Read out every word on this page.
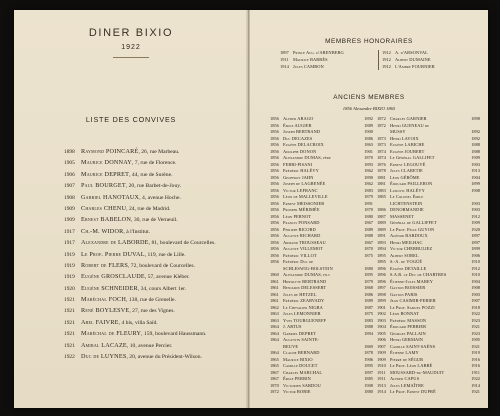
DINER BIXIO
1922
LISTE DES CONVIVES
1898 Raymond POINCARÉ, 26, rue Marbeau.
1905 Maurice DONNAY, 7, rue de Florence.
1906 Maurice DEPRET, 44, rue de Surène.
1907 Paul BOURGET, 20, rue Barbet-de-Jouy.
1908 Gabriel HANOTAUX, 4, avenue Hoche.
1909 Charles CHENU, 24, rue de Madrid.
1909 Ernest BABELON, 30, rue de Verneuil.
1917 Ch.-M. WIDOR, à l'Institut.
1917 Alexandre de LABORDE, 81, boulevard de Courcelles.
1919 Le Prof. Pierre DUVAL, 119, rue de Lille.
1919 Robert de FLERS, 72, boulevard de Courcelles.
1919 Eugène GROSCLAUDE, 57, avenue Kléber.
1920 Eugène SCHNEIDER, 34, cours Albert 1er.
1921 Maréchal FOCH, 138, rue de Grenelle.
1921 René BOYLESVE, 27, rue des Vignes.
1921 Abel FAIVRE, 4 bis, villa Saïd.
1921 Maréchal de FLEURY, 159, boulevard Haussmann.
1921 Amiral LACAZE, 10, avenue Percier.
1922 Duc de LUYNES, 20, avenue du Président-Wilson.
MEMBRES HONORAIRES
1897 Prince Aug. d'ARENBERG
1911 Maurice BARRÈS
1914 Jules CAMBON
1912 A. d'ARSONVAL
1912 Albert DUMAINE
1912 L'Ambre FOURNIER
ANCIENS MEMBRES
1856 Alexandre BIXIO 1865
1892
1856 Alfred ARAGO
1889
1856 Émile AUGIER
1900
1856 Joseph BERTRAND
1886
1856 Duc DECAZES
1863
1856 Eugène DELACROIX
1901
1856 Adolphe DONON
1870
1856 Alexandre DUMAS, père
1893
1856 FERRI-PISANI
1862
1856 Frédéric HALÉVY
1890
1856 Geoffroy JAHN
1862
1856 Joseph de LAGRENÉE
1883
1856 Victor LEFRANC
1879
1856 Léon de MALLEVILLE
1891
1856 Ernest MEISSONIER
1870
1856 Prosper MÉRIMÉE
1880
1856 Léon PERNOT
1867
1856 Francis PONSARD
1889
1856 Philippe RICORD
1888
1856 Auguste RICHARD
1867
1856 Armand TROUSSEAU
1870
1856 Auguste VILLEMOT
1875
1856 Frédéric VILLOT
1856 Frédéric Duc de
1880
SCHLESWIG-HOLSTEIN
1895
1860 Alexandre DUMAS, fils
1879
1861 Hippolyte BERTRAND
1868
1861 Benjamin DELESSERT
1886
1861 Jules de HETZEL
1889
1861 Frédéric ZEARVADY
1887
1862 Le Chevalier NIGRA
1875
1863 Jules LEMONNIER
1883
1863 Yves TOURGUENEFF
1888
1864 J. ARTUS
1894
1864 Gabriel DEPRET
1864 Augustin SAINTE-
1869
BEUVE
1878
1864 Claude BERNARD
1906
1865 Maurice BIXIO
1895
1865 Camille DOUCET
1897
1867 Charles MARCHAL
1885
1867 Émile PERRIN
1908
1870 Victorien SARDOU
1880
1872 Victor BORIE
1898
1872 Charles GARNIER
1872 Henri GUENEAU de
1892
MUSSY
1892
1873 Henri LAVOIX
1888
1873 Eugène LABICHE
1888
1874 Eugène JOUBERT
1909
1874 Le Général GALLIFET
1903
1876 Ernest LEGOUVÉ
1913
1878 Jules CLARETIE
1904
1881 Léon GÉRÔME
1899
1881 Édouard PAILLERON
1908
1883 Ludovic HALÉVY
1885 Le Colonel Émile
1903
LICHTENSTEIN
1903
1886 DENORMANDIE
1912
1887 MASSENET
1909
1889 Général de GALLIFFET
1920
1889 Le Prof. Félix GUYON
1897
1891 Agénor BARDOUX
1897
1893 Henri MEILHAC
1899
1894 Victor CHERBULIEZ
1906
1895 Albert SOREL
1910
1895 S.-A. de VOGÜÉ
1912
1896 Eugène DETAILLE
1910
1896 S.A.R. le Duc de CHARTRES
1904
1896 Étienne-Jules MAREY
1908
1897 Gaston BOISSIER
1903
1898 Gaston PARIS
1907
1899 Jean CASIMIR-PERIER
1918
1901 Le Prof. Samuel POZZI
1922
1902 Léon BONNAT
1923
1903 Frédéric MASSON
1921
1904 Édouard PERRIER
1923
1905 Georges PALLAIN
1905
1906 Henri GERMAIN
1921
1907 Camille SAINT-SAËNS
1919
1909 Étienne LAMY
1916
1909 Pierre de SÉGUR
1916
1910 Le Prof. Léon LABBÉ
1911
1911 MOUSSARD-du-MAUDUIT
1922
1911 Alfred CAPUS
1914
1913 Jules LEMAÎTRE
1921
1914 Le Prof. Ernest DUPRÉ
